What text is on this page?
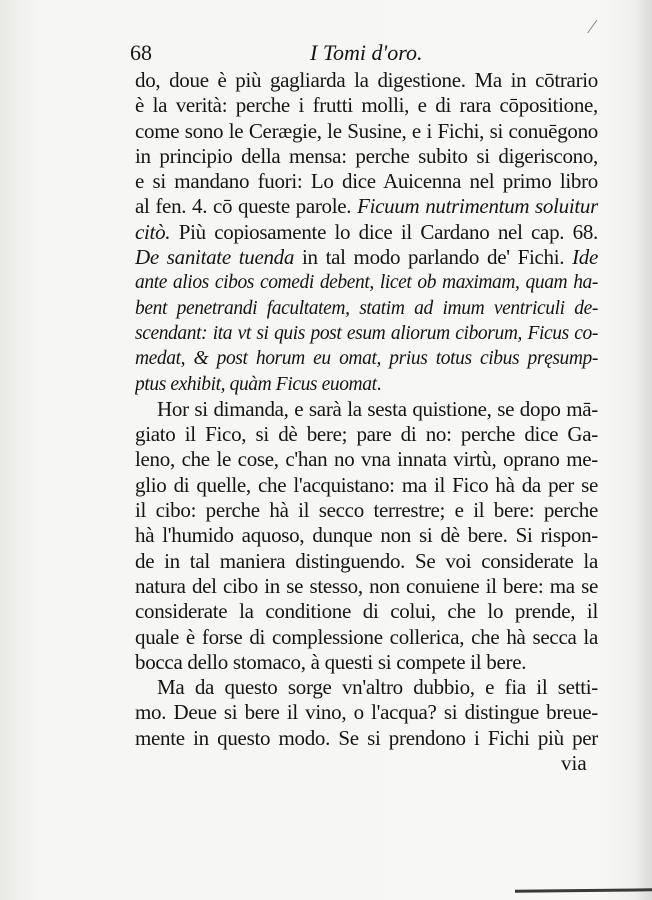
⁄
68	I Tomi d'oro.
do, doue è più gagliarda la digestione. Ma in cōtrario
è la verità: perche i frutti molli, e di rara cōpositione,
come sono le Cerægie, le Susine, e i Fichi, si conuēgono
in principio della mensa: perche subito si digeriscono,
e si mandano fuori: Lo dice Auicenna nel primo libro
al fen. 4. cō queste parole. Ficuum nutrimentum soluitur
citò. Più copiosamente lo dice il Cardano nel cap. 68.
De sanitate tuenda in tal modo parlando de' Fichi. Ide
ante alios cibos comedi debent, licet ob maximam, quam ha-
bent penetrandi facultatem, statim ad imum ventriculi de-
scendant: ita vt si quis post esum aliorum ciborum, Ficus co-
medat, & post horum eu omat, prius totus cibus pręsump-
ptus exhibit, quàm Ficus euomat.
Hor si dimanda, e sarà la sesta quistione, se dopo mā-
giato il Fico, si dè bere; pare di no: perche dice Ga-
leno, che le cose, c'han no vna innata virtù, oprano me-
glio di quelle, che l'acquistano: ma il Fico hà da per se
il cibo: perche hà il secco terrestre; e il bere: perche
hà l'humido aquoso, dunque non si dè bere. Si rispon-
de in tal maniera distinguendo. Se voi considerate la
natura del cibo in se stesso, non conuiene il bere: ma se
considerate la conditione di colui, che lo prende, il
quale è forse di complessione collerica, che hà secca la
bocca dello stomaco, à questi si compete il bere.
Ma da questo sorge vn'altro dubbio, e fia il setti-
mo. Deue si bere il vino, o l'acqua? si distingue breue-
mente in questo modo. Se si prendono i Fichi più per
via
